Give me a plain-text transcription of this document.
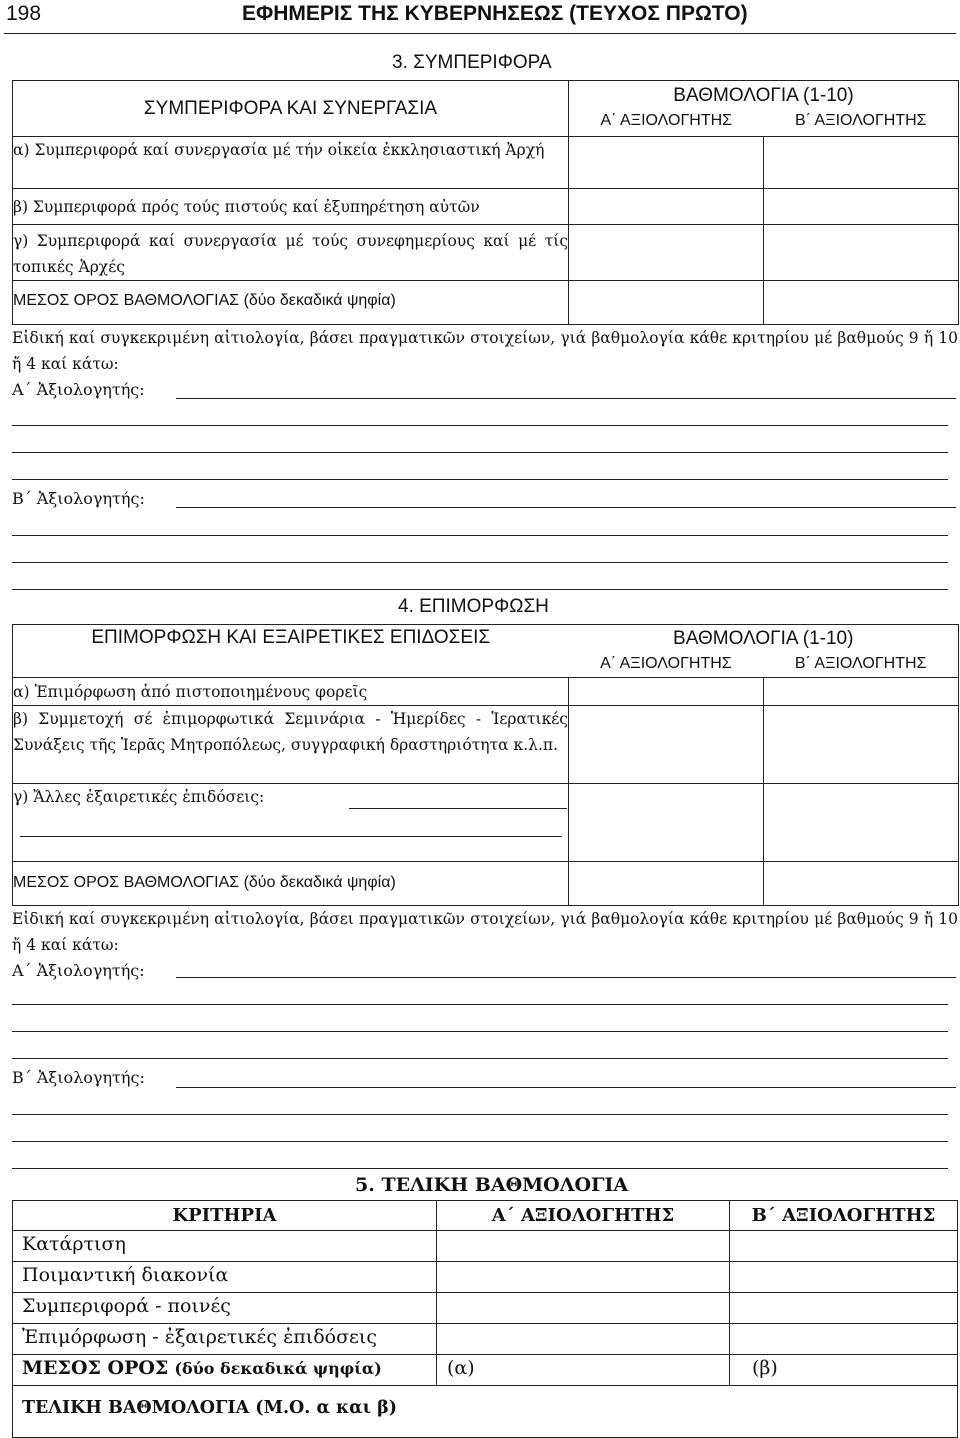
198	ΕΦΗΜΕΡΙΣ ΤΗΣ ΚΥΒΕΡΝΗΣΕΩΣ (ΤΕΥΧΟΣ ΠΡΩΤΟ)
3. ΣΥΜΠΕΡΙΦΟΡΑ
ΣΥΜΠΕΡΙΦΟΡΑ ΚΑΙ ΣΥΝΕΡΓΑΣΙΑ	ΒΑΘΜΟΛΟΓΙΑ (1-10)
Α΄ ΑΞΙΟΛΟΓΗΤΗΣ Β΄ ΑΞΙΟΛΟΓΗΤΗΣ	

α) Συμπεριφορά καί συνεργασία μέ τήν οἰκεία ἐκκλησιαστική Ἀρχή		
β) Συμπεριφορά πρός τούς πιστούς καί ἐξυπηρέτηση αὐτῶν		
γ) Συμπεριφορά καί συνεργασία μέ τούς συνεφημερίους καί μέ τίς τοπικές Ἀρχές		
ΜΕΣΟΣ ΟΡΟΣ ΒΑΘΜΟΛΟΓΙΑΣ (δύο δεκαδικά ψηφία)		
Εἰδική καί συγκεκριμένη αἰτιολογία, βάσει πραγματικῶν στοιχείων, γιά βαθμολογία κάθε κριτηρίου μέ βαθμούς 9 ἤ 10 ἤ 4 καί κάτω:
Α΄ Ἀξιολογητής:
Β΄ Ἀξιολογητής:
4. ΕΠΙΜΟΡΦΩΣΗ
ΕΠΙΜΟΡΦΩΣΗ ΚΑΙ ΕΞΑΙΡΕΤΙΚΕΣ ΕΠΙΔΟΣΕΙΣ	ΒΑΘΜΟΛΟΓΙΑ (1-10)
Α΄ ΑΞΙΟΛΟΓΗΤΗΣ Β΄ ΑΞΙΟΛΟΓΗΤΗΣ	

α) Ἐπιμόρφωση ἀπό πιστοποιημένους φορεῖς		
β) Συμμετοχή σέ ἐπιμορφωτικά Σεμινάρια - Ἡμερίδες - Ἱερατικές Συνάξεις τῆς Ἱερᾶς Μητροπόλεως, συγγραφική δραστηριότητα κ.λ.π.		
γ) Ἄλλες ἐξαιρετικές ἐπιδόσεις:

ΜΕΣΟΣ ΟΡΟΣ ΒΑΘΜΟΛΟΓΙΑΣ (δύο δεκαδικά ψηφία)		
Εἰδική καί συγκεκριμένη αἰτιολογία, βάσει πραγματικῶν στοιχείων, γιά βαθμολογία κάθε κριτηρίου μέ βαθμούς 9 ἤ 10 ἤ 4 καί κάτω:
Α΄ Ἀξιολογητής:
Β΄ Ἀξιολογητής:
5. ΤΕΛΙΚΗ ΒΑΘΜΟΛΟΓΙΑ
ΚΡΙΤΗΡΙΑ	Α΄ ΑΞΙΟΛΟΓΗΤΗΣ	Β΄ ΑΞΙΟΛΟΓΗΤΗΣ
Κατάρτιση		
Ποιμαντική διακονία		
Συμπεριφορά - ποινές		
Ἐπιμόρφωση - ἐξαιρετικές ἐπιδόσεις		
ΜΕΣΟΣ ΟΡΟΣ (δύο δεκαδικά ψηφία)	(α)	(β)
ΤΕΛΙΚΗ ΒΑΘΜΟΛΟΓΙΑ (Μ.Ο. α και β)		
